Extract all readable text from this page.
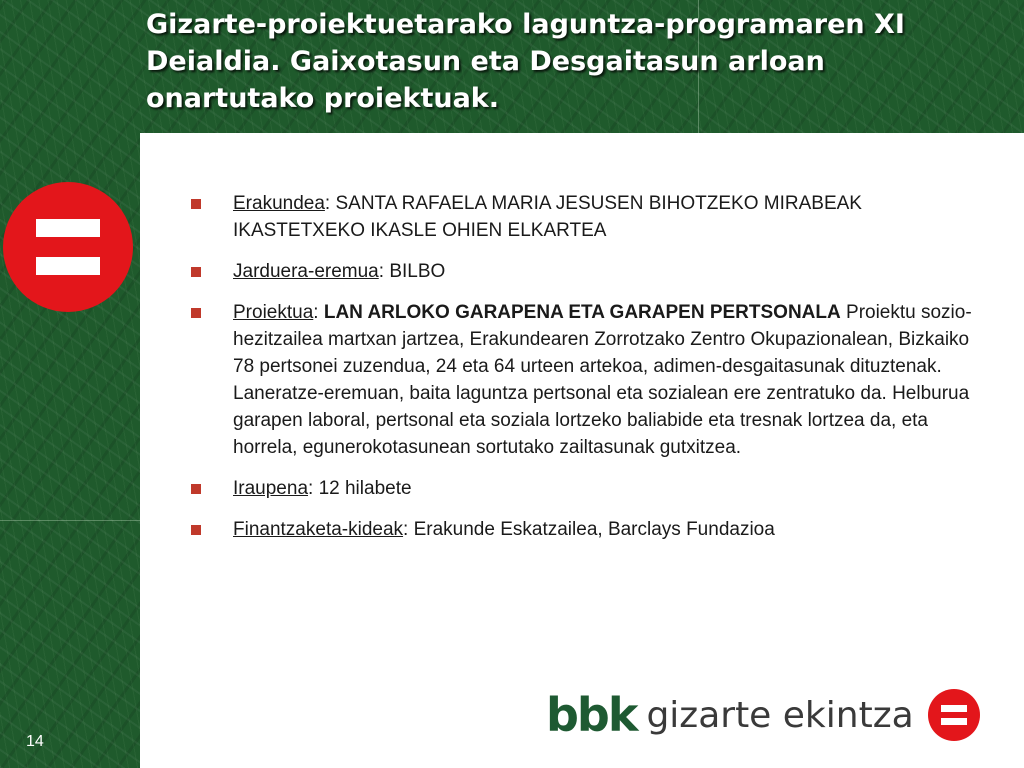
Gizarte-proiektuetarako laguntza-programaren XI Deialdia. Gaixotasun eta Desgaitasun arloan onartutako proiektuak.
Erakundea: SANTA RAFAELA MARIA JESUSEN BIHOTZEKO MIRABEAK IKASTETXEKO IKASLE OHIEN ELKARTEA
Jarduera-eremua: BILBO
Proiektua: LAN ARLOKO GARAPENA ETA GARAPEN PERTSONALA Proiektu sozio-hezitzailea martxan jartzea, Erakundearen Zorrotzako Zentro Okupazionalean, Bizkaiko 78 pertsonei zuzendua, 24 eta 64 urteen artekoa, adimen-desgaitasunak dituztenak. Laneratze-eremuan, baita laguntza pertsonal eta sozialean ere zentratuko da. Helburua garapen laboral, pertsonal eta soziala lortzeko baliabide eta tresnak lortzea da, eta horrela, egunerokotasunean sortutako zailtasunak gutxitzea.
Iraupena: 12 hilabete
Finantzaketa-kideak: Erakunde Eskatzailea, Barclays Fundazioa
14	bbk gizarte ekintza
